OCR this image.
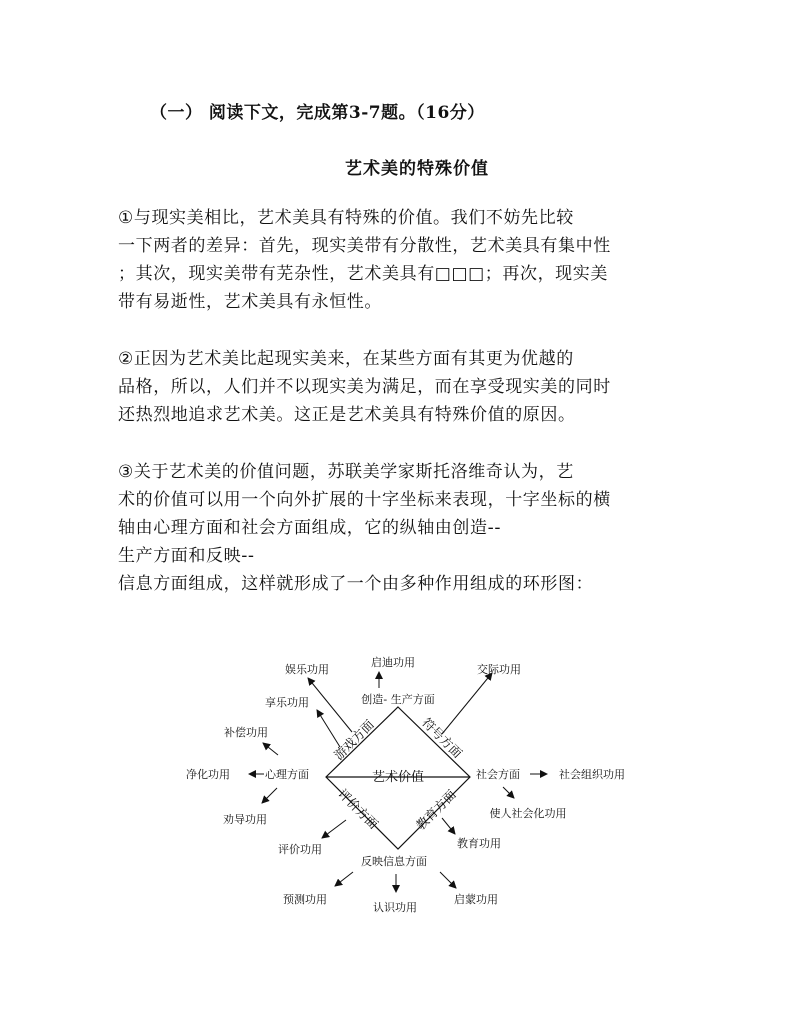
（一） 阅读下文，完成第3-7题。（16分）
艺术美的特殊价值

①与现实美相比，艺术美具有特殊的价值。我们不妨先比较
一下两者的差异：首先，现实美带有分散性，艺术美具有集中性
；其次，现实美带有芜杂性，艺术美具有□□□；再次，现实美
带有易逝性，艺术美具有永恒性。

②正因为艺术美比起现实美来，在某些方面有其更为优越的
品格，所以，人们并不以现实美为满足，而在享受现实美的同时
还热烈地追求艺术美。这正是艺术美具有特殊价值的原因。

③关于艺术美的价值问题，苏联美学家斯托洛维奇认为，艺
术的价值可以用一个向外扩展的十字坐标来表现，十字坐标的横
轴由心理方面和社会方面组成，它的纵轴由创造--
生产方面和反映--
信息方面组成，这样就形成了一个由多种作用组成的环形图：

艺术价值
创造- 生产方面
反映信息方面
心理方面	社会方面
游戏方面	符号方面
评价方面	教育方面
启迪功用
娱乐功用	交际功用
享乐功用
补偿功用
净化功用
劝导功用
评价功用
社会组织功用
使人社会化功用
教育功用
预测功用
认识功用
启蒙功用
